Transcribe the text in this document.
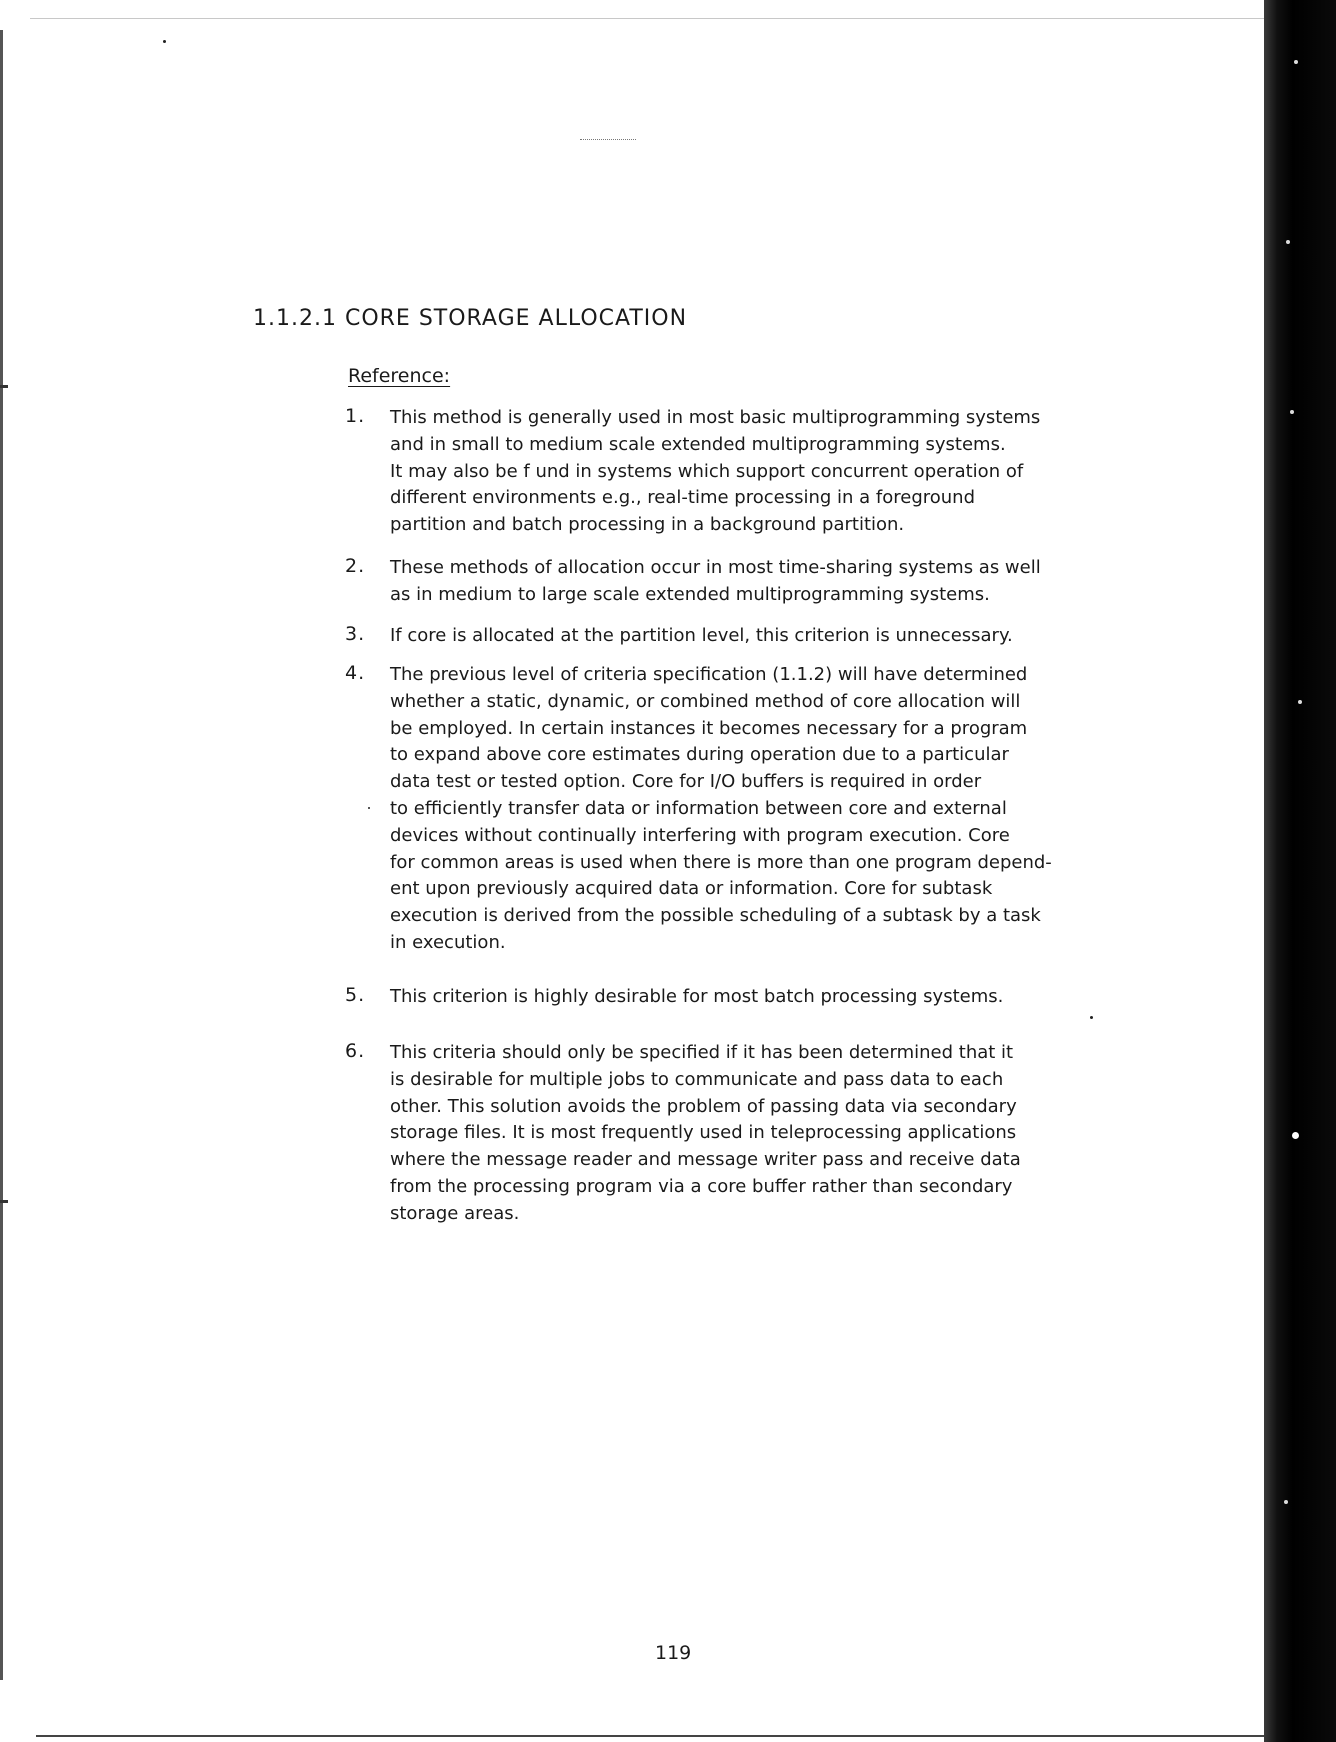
1.1.2.1 CORE STORAGE ALLOCATION
Reference:
1. This method is generally used in most basic multiprogramming systems
and in small to medium scale extended multiprogramming systems.
It may also be f und in systems which support concurrent operation of
different environments e.g., real-time processing in a foreground
partition and batch processing in a background partition.
2. These methods of allocation occur in most time-sharing systems as well
as in medium to large scale extended multiprogramming systems.
3. If core is allocated at the partition level, this criterion is unnecessary.
4. The previous level of criteria specification (1.1.2) will have determined
whether a static, dynamic, or combined method of core allocation will
be employed. In certain instances it becomes necessary for a program
to expand above core estimates during operation due to a particular
data test or tested option. Core for I/O buffers is required in order
to efficiently transfer data or information between core and external
devices without continually interfering with program execution. Core
for common areas is used when there is more than one program depend-
ent upon previously acquired data or information. Core for subtask
execution is derived from the possible scheduling of a subtask by a task
in execution.
5. This criterion is highly desirable for most batch processing systems.
6. This criteria should only be specified if it has been determined that it
is desirable for multiple jobs to communicate and pass data to each
other. This solution avoids the problem of passing data via secondary
storage files. It is most frequently used in teleprocessing applications
where the message reader and message writer pass and receive data
from the processing program via a core buffer rather than secondary
storage areas.
119
